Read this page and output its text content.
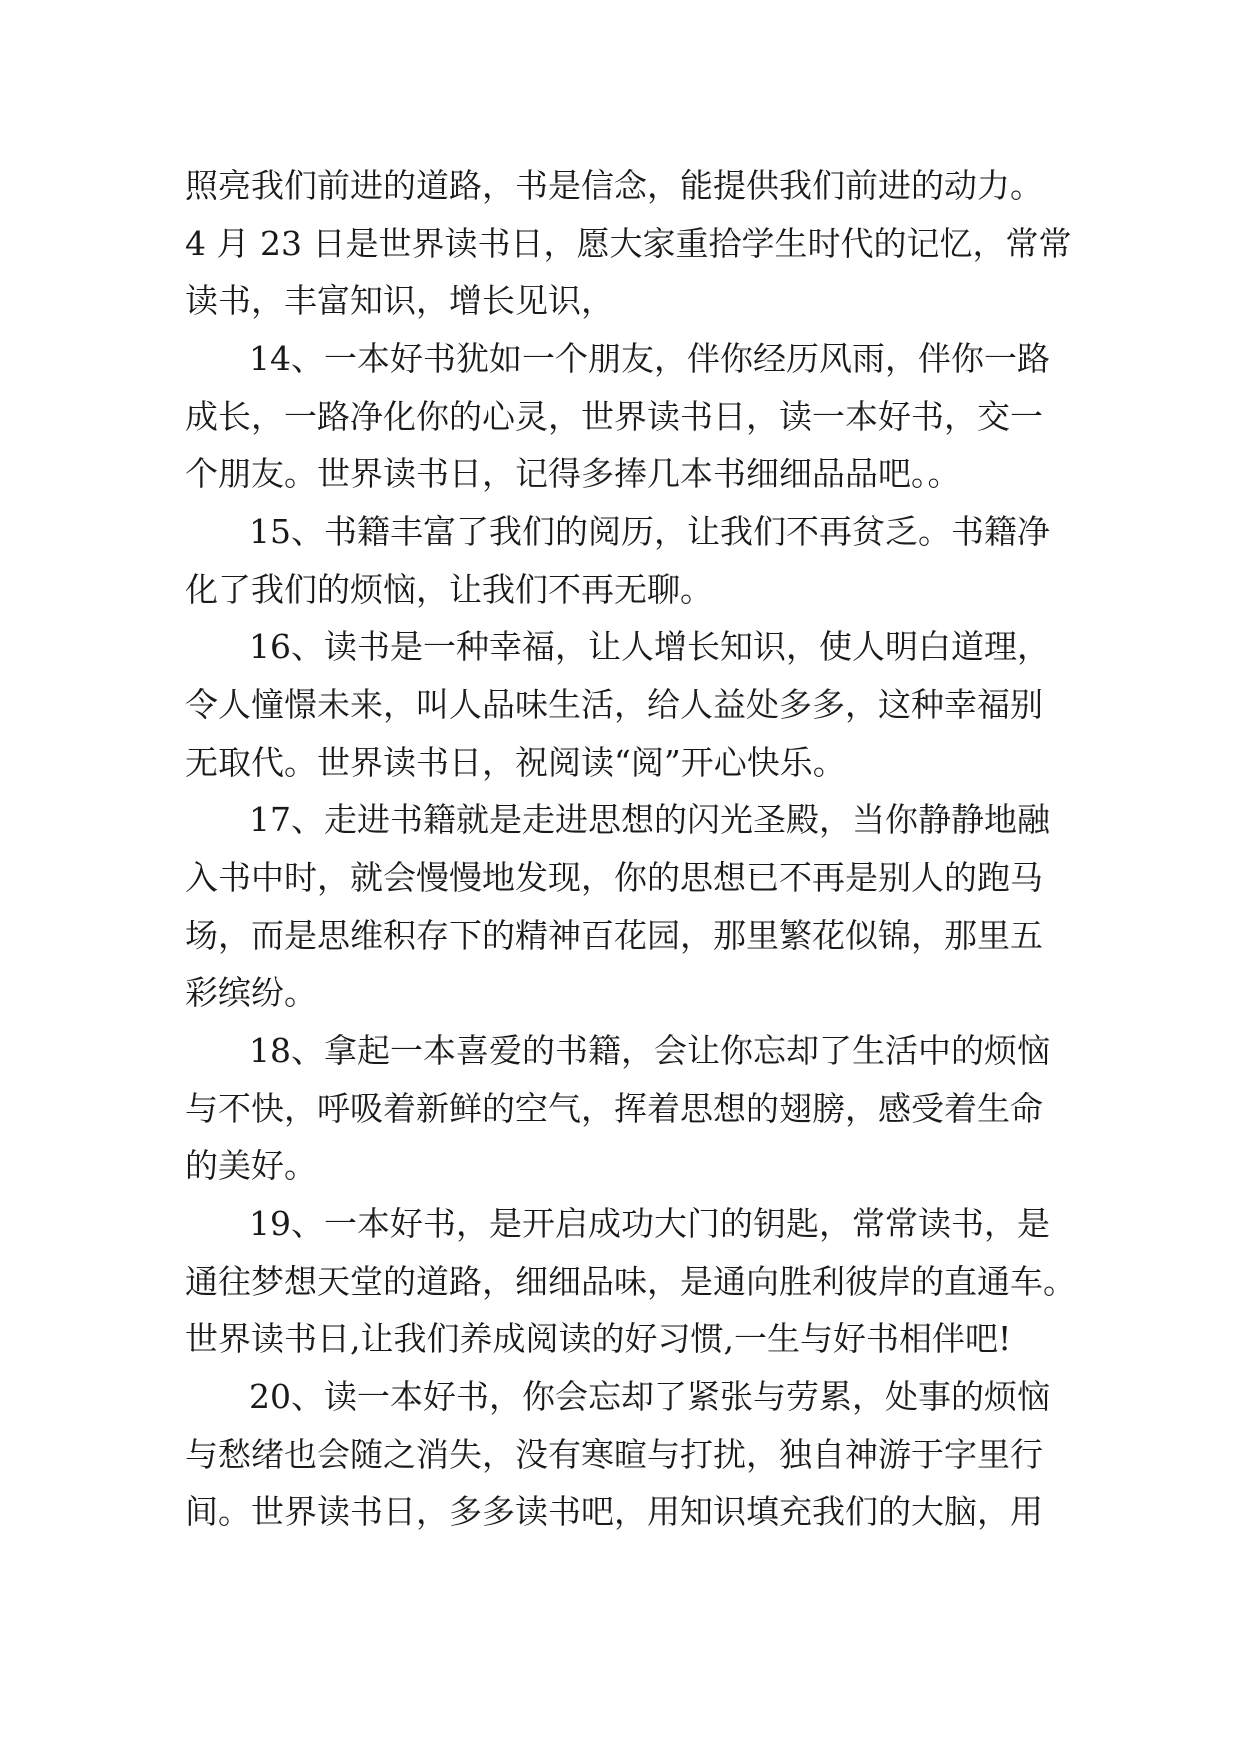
照亮我们前进的道路，书是信念，能提供我们前进的动力。
4 月 23 日是世界读书日，愿大家重拾学生时代的记忆，常常
读书，丰富知识，增长见识，
14、一本好书犹如一个朋友，伴你经历风雨，伴你一路
成长，一路净化你的心灵，世界读书日，读一本好书，交一
个朋友。世界读书日，记得多捧几本书细细品品吧。。
15、书籍丰富了我们的阅历，让我们不再贫乏。书籍净
化了我们的烦恼，让我们不再无聊。
16、读书是一种幸福，让人增长知识，使人明白道理，
令人憧憬未来，叫人品味生活，给人益处多多，这种幸福别
无取代。世界读书日，祝阅读“阅”开心快乐。
17、走进书籍就是走进思想的闪光圣殿，当你静静地融
入书中时，就会慢慢地发现，你的思想已不再是别人的跑马
场，而是思维积存下的精神百花园，那里繁花似锦，那里五
彩缤纷。
18、拿起一本喜爱的书籍，会让你忘却了生活中的烦恼
与不快，呼吸着新鲜的空气，挥着思想的翅膀，感受着生命
的美好。
19、一本好书，是开启成功大门的钥匙，常常读书，是
通往梦想天堂的道路，细细品味，是通向胜利彼岸的直通车。
世界读书日,让我们养成阅读的好习惯,一生与好书相伴吧!
20、读一本好书，你会忘却了紧张与劳累，处事的烦恼
与愁绪也会随之消失，没有寒暄与打扰，独自神游于字里行
间。世界读书日，多多读书吧，用知识填充我们的大脑，用
